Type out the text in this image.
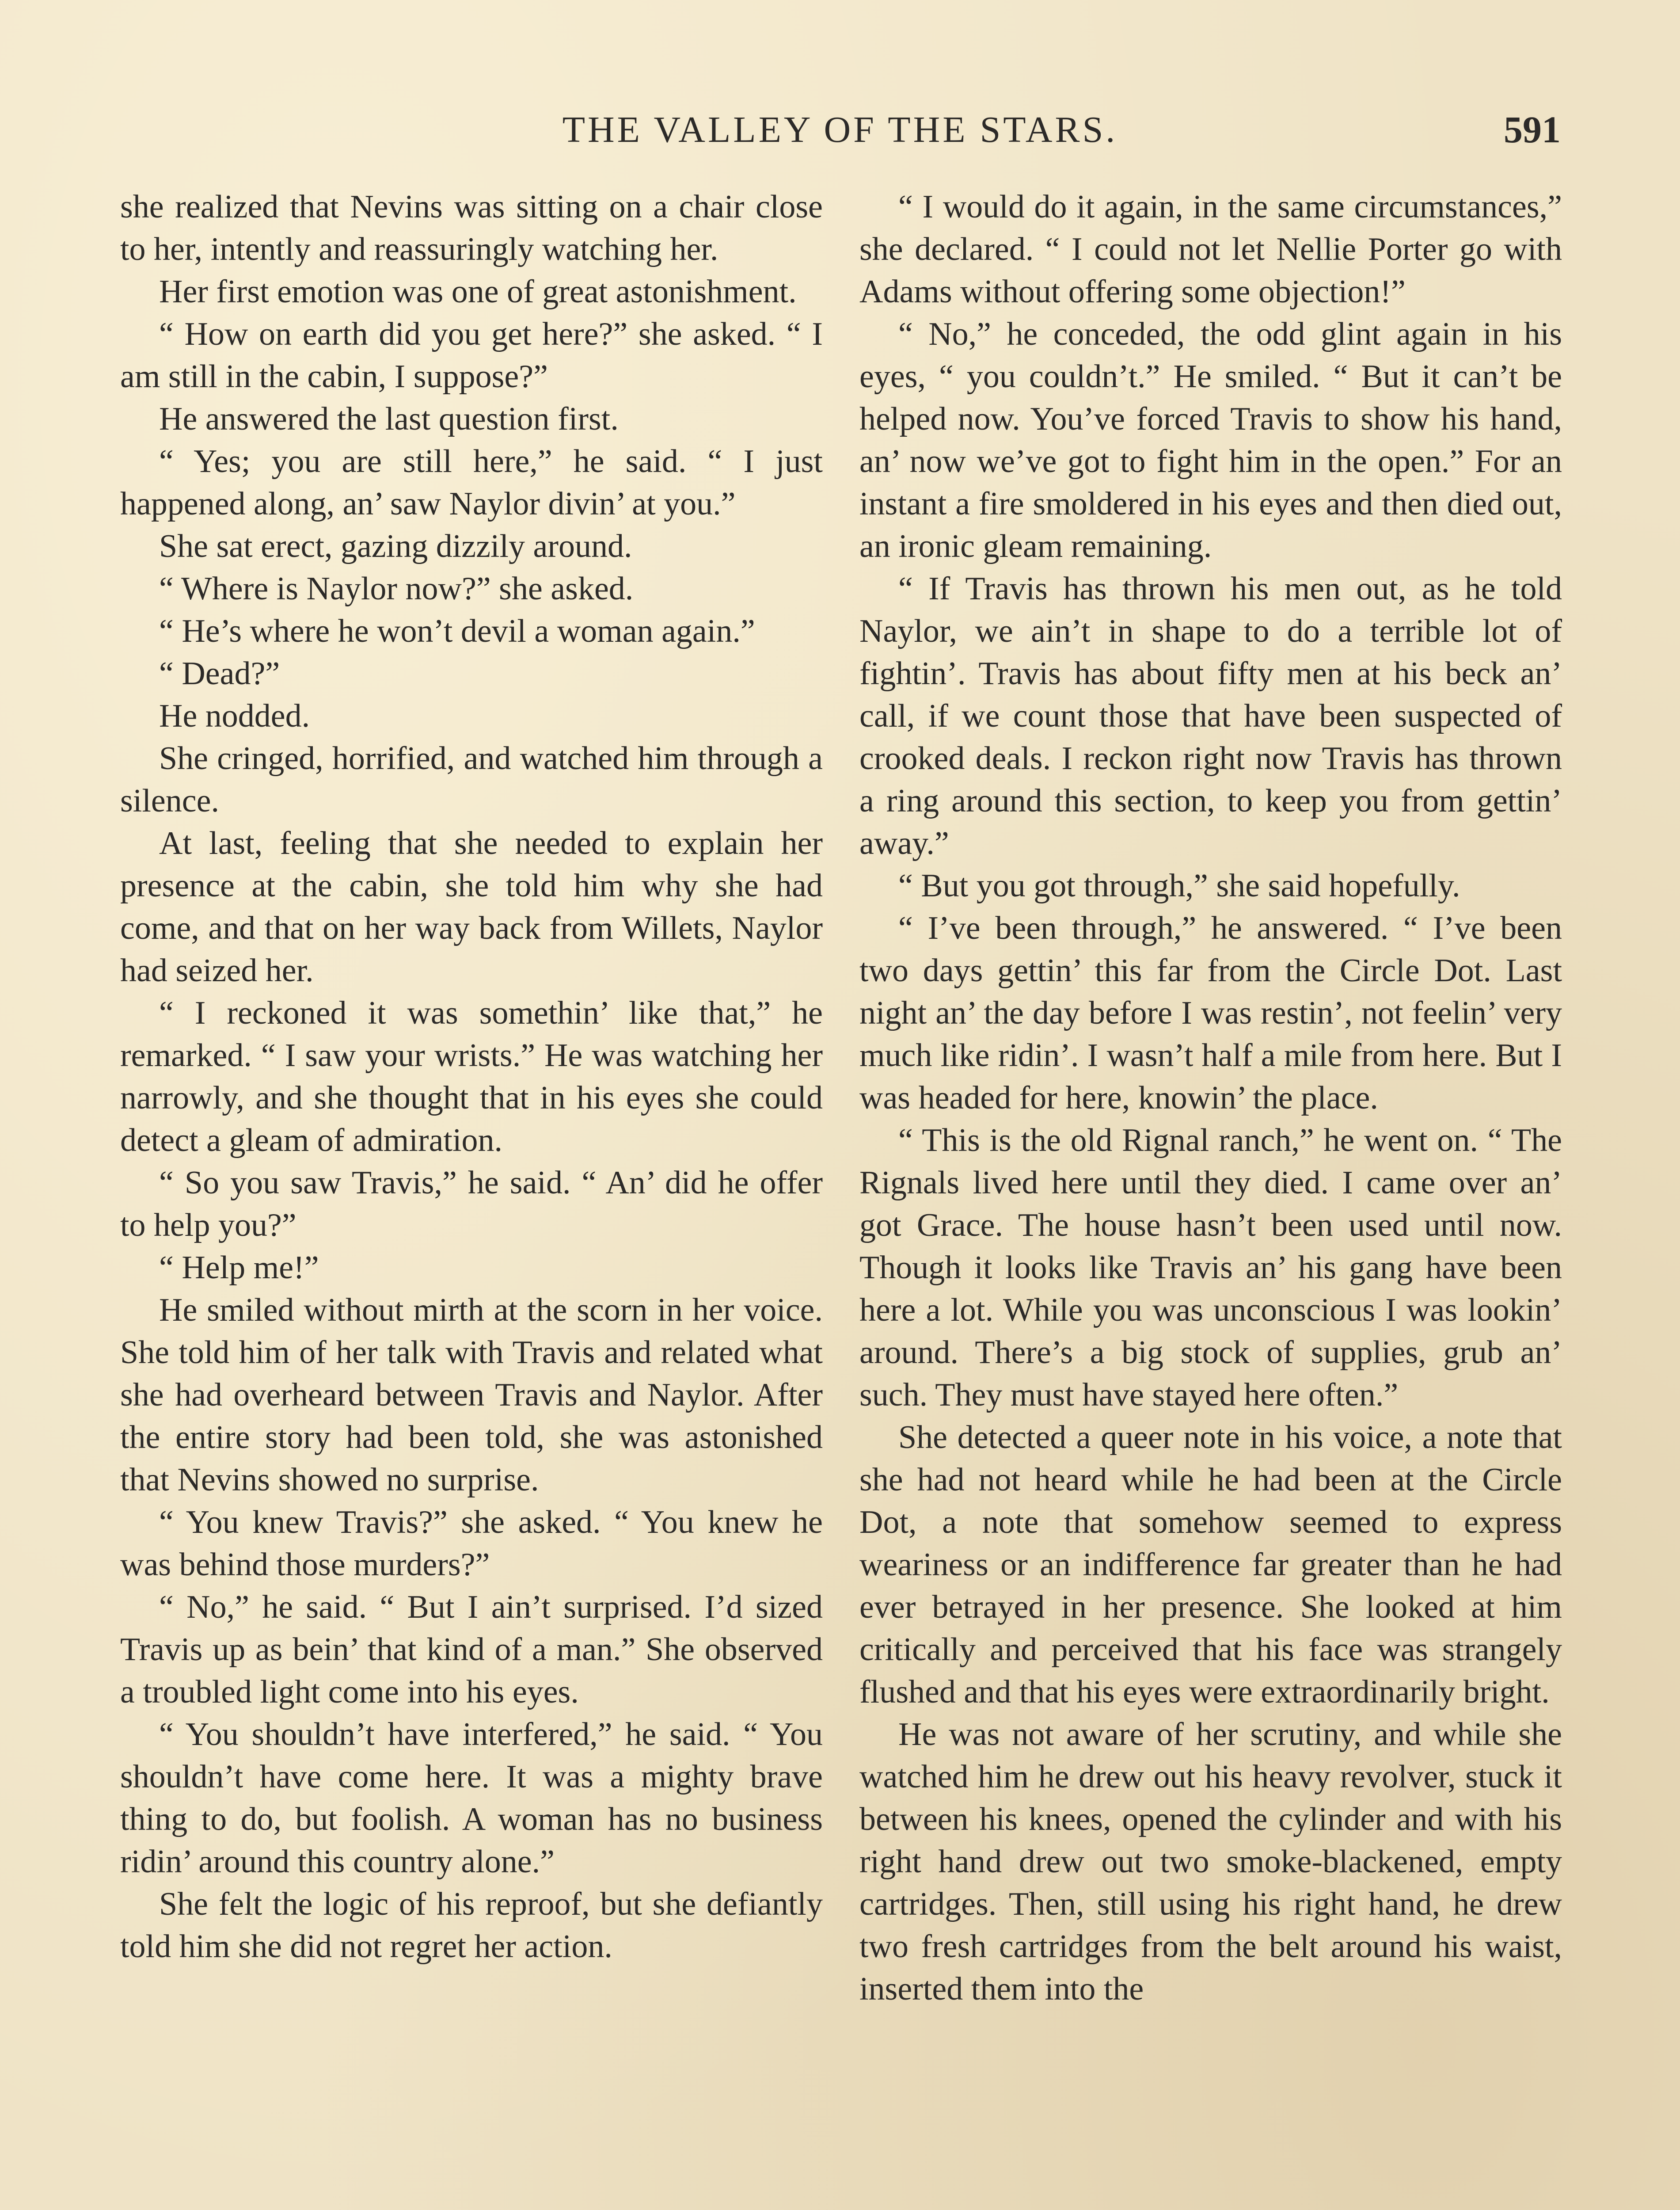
THE VALLEY OF THE STARS.	591

she realized that Nevins was sitting on a chair close to her, intently and reassuringly watching her.

Her first emotion was one of great astonishment.

“ How on earth did you get here?” she asked. “ I am still in the cabin, I suppose?”

He answered the last question first.

“ Yes; you are still here,” he said. “ I just happened along, an’ saw Naylor divin’ at you.”

She sat erect, gazing dizzily around.

“ Where is Naylor now?” she asked.

“ He’s where he won’t devil a woman again.”

“ Dead?”

He nodded.

She cringed, horrified, and watched him through a silence.

At last, feeling that she needed to explain her presence at the cabin, she told him why she had come, and that on her way back from Willets, Naylor had seized her.

“ I reckoned it was somethin’ like that,” he remarked. “ I saw your wrists.” He was watching her narrowly, and she thought that in his eyes she could detect a gleam of admiration.

“ So you saw Travis,” he said. “ An’ did he offer to help you?”

“ Help me!”

He smiled without mirth at the scorn in her voice. She told him of her talk with Travis and related what she had overheard between Travis and Naylor. After the entire story had been told, she was astonished that Nevins showed no surprise.

“ You knew Travis?” she asked. “ You knew he was behind those murders?”

“ No,” he said. “ But I ain’t surprised. I’d sized Travis up as bein’ that kind of a man.” She observed a troubled light come into his eyes.

“ You shouldn’t have interfered,” he said. “ You shouldn’t have come here. It was a mighty brave thing to do, but foolish. A woman has no business ridin’ around this country alone.”

She felt the logic of his reproof, but she defiantly told him she did not regret her action.

“ I would do it again, in the same circumstances,” she declared. “ I could not let Nellie Porter go with Adams without offering some objection!”

“ No,” he conceded, the odd glint again in his eyes, “ you couldn’t.” He smiled. “ But it can’t be helped now. You’ve forced Travis to show his hand, an’ now we’ve got to fight him in the open.” For an instant a fire smoldered in his eyes and then died out, an ironic gleam remaining.

“ If Travis has thrown his men out, as he told Naylor, we ain’t in shape to do a terrible lot of fightin’. Travis has about fifty men at his beck an’ call, if we count those that have been suspected of crooked deals. I reckon right now Travis has thrown a ring around this section, to keep you from gettin’ away.”

“ But you got through,” she said hopefully.

“ I’ve been through,” he answered. “ I’ve been two days gettin’ this far from the Circle Dot. Last night an’ the day before I was restin’, not feelin’ very much like ridin’. I wasn’t half a mile from here. But I was headed for here, knowin’ the place.

“ This is the old Rignal ranch,” he went on. “ The Rignals lived here until they died. I came over an’ got Grace. The house hasn’t been used until now. Though it looks like Travis an’ his gang have been here a lot. While you was unconscious I was lookin’ around. There’s a big stock of supplies, grub an’ such. They must have stayed here often.”

She detected a queer note in his voice, a note that she had not heard while he had been at the Circle Dot, a note that somehow seemed to express weariness or an indifference far greater than he had ever betrayed in her presence. She looked at him critically and perceived that his face was strangely flushed and that his eyes were extraordinarily bright.

He was not aware of her scrutiny, and while she watched him he drew out his heavy revolver, stuck it between his knees, opened the cylinder and with his right hand drew out two smoke-blackened, empty cartridges. Then, still using his right hand, he drew two fresh cartridges from the belt around his waist, inserted them into the
